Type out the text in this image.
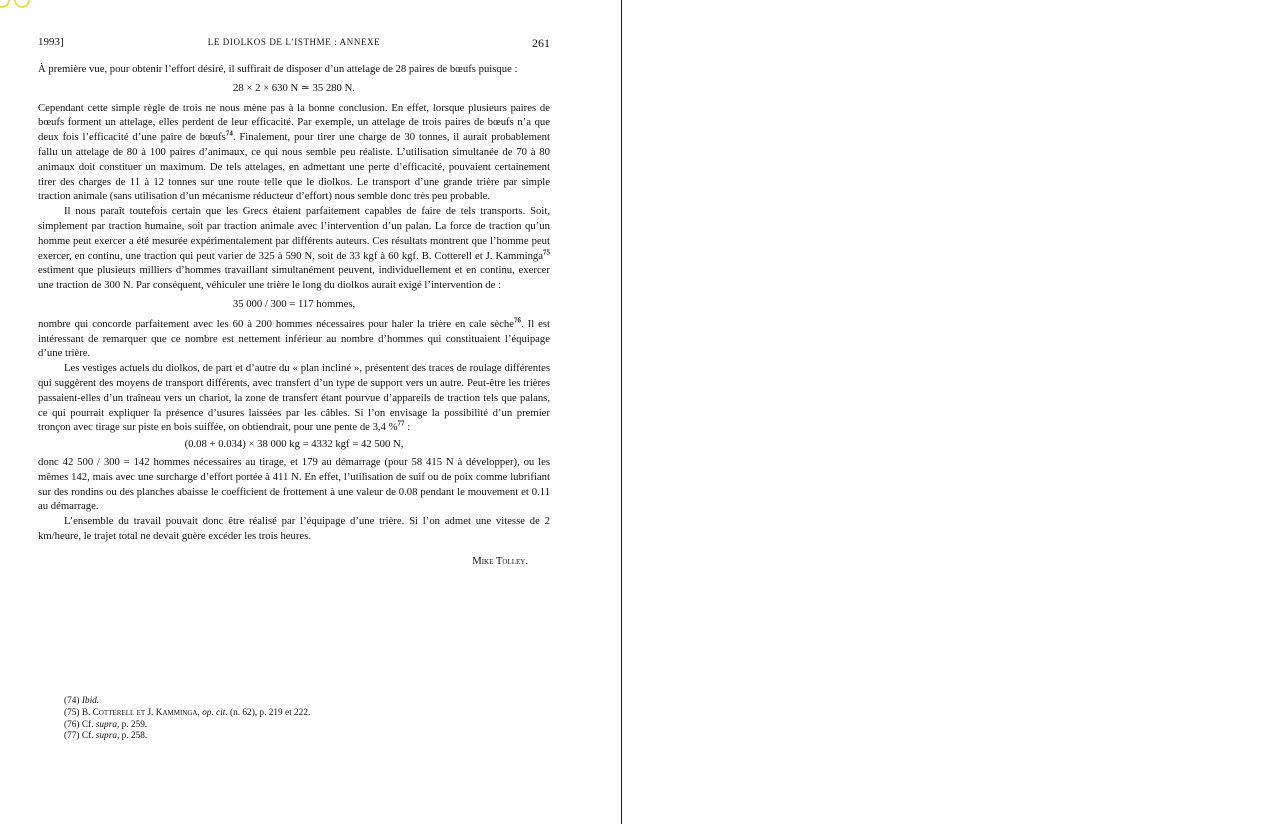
1993]	LE DIOLKOS DE L’ISTHME : ANNEXE	261

À première vue, pour obtenir l’effort désiré, il suffirait de disposer d’un attelage de 28 paires de bœufs puisque :

28 × 2 × 630 N ≃ 35 280 N.

Cependant cette simple règle de trois ne nous mène pas à la bonne conclusion. En effet, lorsque plusieurs paires de bœufs forment un attelage, elles perdent de leur efficacité. Par exemple, un attelage de trois paires de bœufs n’a que deux fois l’efficacité d’une paire de bœufs$^{74}$. Finalement, pour tirer une charge de 30 tonnes, il aurait probablement fallu un attelage de 80 à 100 paires d’animaux, ce qui nous semble peu réaliste. L’utilisation simultanée de 70 à 80 animaux doit constituer un maximum. De tels attelages, en admettant une perte d’efficacité, pouvaient certainement tirer des charges de 11 à 12 tonnes sur une route telle que le diolkos. Le transport d’une grande trière par simple traction animale (sans utilisation d’un mécanisme réducteur d’effort) nous semble donc très peu probable.

Il nous paraît toutefois certain que les Grecs étaient parfaitement capables de faire de tels transports. Soit, simplement par traction humaine, soit par traction animale avec l’intervention d’un palan. La force de traction qu’un homme peut exercer a été mesurée expérimentalement par différents auteurs. Ces résultats montrent que l’homme peut exercer, en continu, une traction qui peut varier de 325 à 590 N, soit de 33 kgf à 60 kgf. B. Cotterell et J. Kamminga$^{75}$ estiment que plusieurs milliers d’hommes travaillant simultanément peuvent, individuellement et en continu, exercer une traction de 300 N. Par conséquent, véhiculer une trière le long du diolkos aurait exigé l’intervention de :

35 000 / 300 = 117 hommes,

nombre qui concorde parfaitement avec les 60 à 200 hommes nécessaires pour haler la trière en cale sèche$^{76}$. Il est intéressant de remarquer que ce nombre est nettement inférieur au nombre d’hommes qui constituaient l’équipage d’une trière.

Les vestiges actuels du diolkos, de part et d’autre du « plan incliné », présentent des traces de roulage différentes qui suggèrent des moyens de transport différents, avec transfert d’un type de support vers un autre. Peut-être les trières passaient-elles d’un traîneau vers un chariot, la zone de transfert étant pourvue d’appareils de traction tels que palans, ce qui pourrait expliquer la présence d’usures laissées par les câbles. Si l’on envisage la possibilité d’un premier tronçon avec tirage sur piste en bois suiffée, on obtiendrait, pour une pente de 3,4 %$^{77}$ :

(0.08 + 0.034) × 38 000 kg = 4332 kgf = 42 500 N,

donc 42 500 / 300 = 142 hommes nécessaires au tirage, et 179 au démarrage (pour 58 415 N à développer), ou les mêmes 142, mais avec une surcharge d’effort portée à 411 N. En effet, l’utilisation de suif ou de poix comme lubrifiant sur des rondins ou des planches abaisse le coefficient de frottement à une valeur de 0.08 pendant le mouvement et 0.11 au démarrage.

L’ensemble du travail pouvait donc être réalisé par l’équipage d’une trière. Si l’on admet une vitesse de 2 km/heure, le trajet total ne devait guère excéder les trois heures.

Mike Tolley.
(74) Ibid.
(75) B. Cotterell et J. Kamminga, op. cit. (n. 62), p. 219 et 222.
(76) Cf. supra, p. 259.
(77) Cf. supra, p. 258.
